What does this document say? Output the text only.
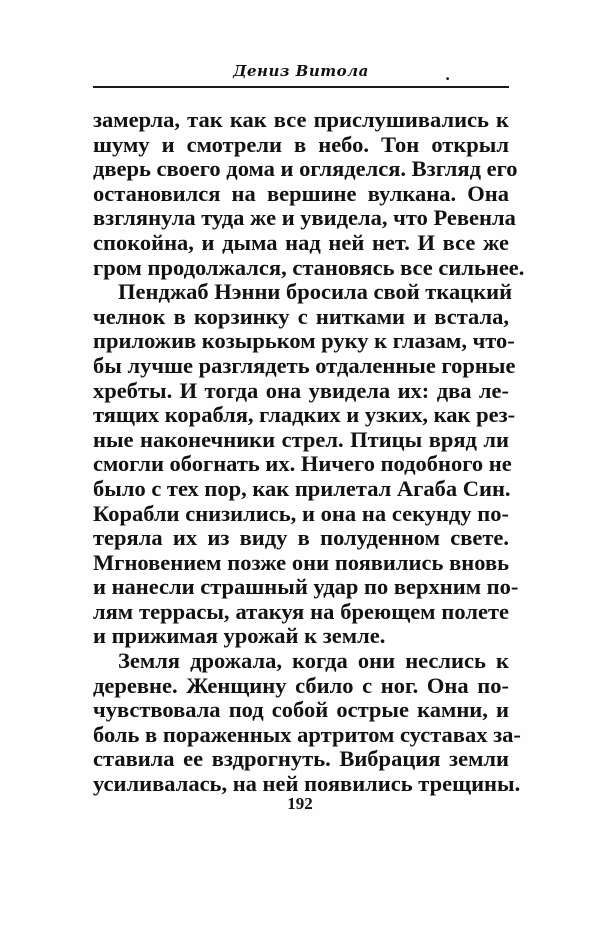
Дениз Витола	.
замерла, так как все прислушивались к
шуму и смотрели в небо. Тон открыл
дверь своего дома и огляделся. Взгляд его
остановился на вершине вулкана. Она
взглянула туда же и увидела, что Ревенла
спокойна, и дыма над ней нет. И все же
гром продолжался, становясь все сильнее.
Пенджаб Нэнни бросила свой ткацкий
челнок в корзинку с нитками и встала,
приложив козырьком руку к глазам, что-
бы лучше разглядеть отдаленные горные
хребты. И тогда она увидела их: два ле-
тящих корабля, гладких и узких, как рез-
ные наконечники стрел. Птицы вряд ли
смогли обогнать их. Ничего подобного не
было с тех пор, как прилетал Агаба Син.
Корабли снизились, и она на секунду по-
теряла их из виду в полуденном свете.
Мгновением позже они появились вновь
и нанесли страшный удар по верхним по-
лям террасы, атакуя на бреющем полете
и прижимая урожай к земле.
Земля дрожала, когда они неслись к
деревне. Женщину сбило с ног. Она по-
чувствовала под собой острые камни, и
боль в пораженных артритом суставах за-
ставила ее вздрогнуть. Вибрация земли
усиливалась, на ней появились трещины.
192
